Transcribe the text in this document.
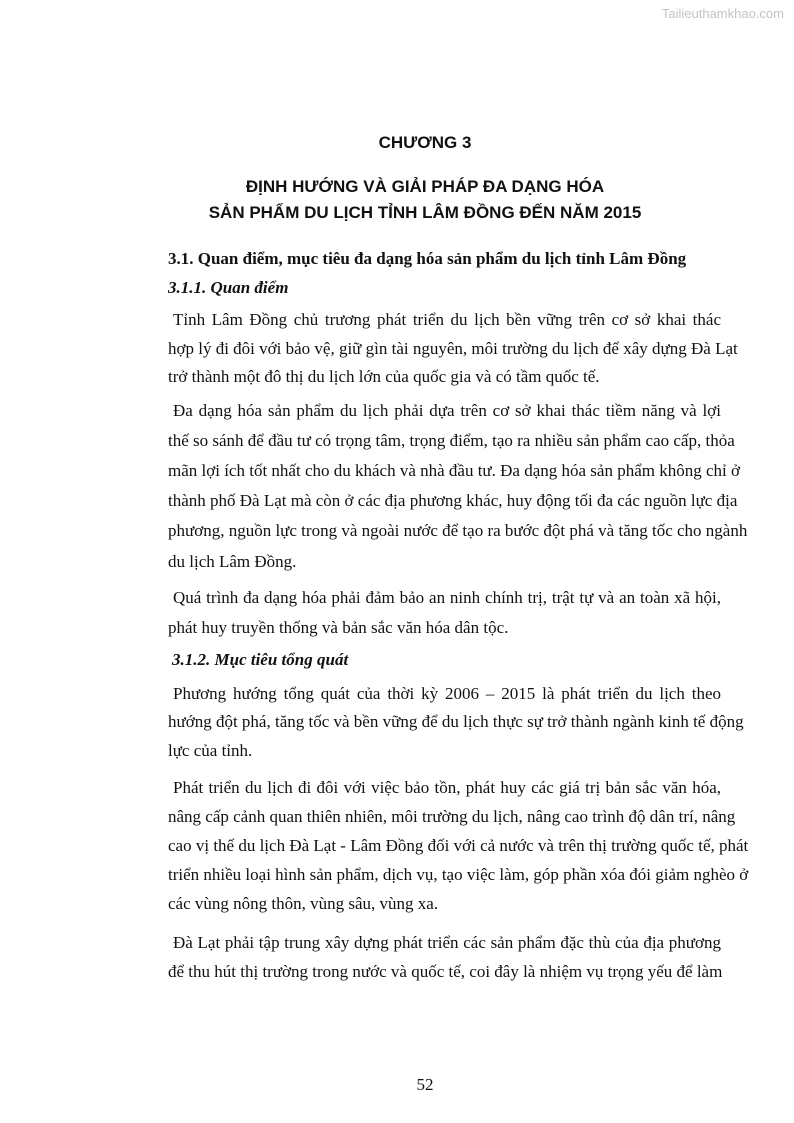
Tailieuthamkhao.com
CHƯƠNG 3
ĐỊNH HƯỚNG VÀ GIẢI PHÁP ĐA DẠNG HÓA
SẢN PHẨM DU LỊCH TỈNH LÂM ĐỒNG ĐẾN NĂM 2015
3.1. Quan điểm, mục tiêu đa dạng hóa sản phẩm du lịch tỉnh Lâm Đồng
3.1.1. Quan điểm
Tỉnh Lâm Đồng chủ trương phát triển du lịch bền vững trên cơ sở khai thác
hợp lý đi đôi với bảo vệ, giữ gìn tài nguyên, môi trường du lịch để xây dựng Đà Lạt
trở thành một đô thị du lịch lớn của quốc gia và có tầm quốc tế.
Đa dạng hóa sản phẩm du lịch phải dựa trên cơ sở khai thác tiềm năng và lợi
thế so sánh để đầu tư có trọng tâm, trọng điểm, tạo ra nhiều sản phẩm cao cấp, thỏa
mãn lợi ích tốt nhất cho du khách và nhà đầu tư. Đa dạng hóa sản phẩm không chỉ ở
thành phố Đà Lạt mà còn ở các địa phương khác, huy động tối đa các nguồn lực địa
phương, nguồn lực trong và ngoài nước để tạo ra bước đột phá và tăng tốc cho ngành
du lịch Lâm Đồng.
Quá trình đa dạng hóa phải đảm bảo an ninh chính trị, trật tự và an toàn xã hội,
phát huy truyền thống và bản sắc văn hóa dân tộc.
3.1.2. Mục tiêu tổng quát
Phương hướng tổng quát của thời kỳ 2006 – 2015 là phát triển du lịch theo
hướng đột phá, tăng tốc và bền vững để du lịch thực sự trở thành ngành kinh tế động
lực của tỉnh.
Phát triển du lịch đi đôi với việc bảo tồn, phát huy các giá trị bản sắc văn hóa,
nâng cấp cảnh quan thiên nhiên, môi trường du lịch, nâng cao trình độ dân trí, nâng
cao vị thế du lịch Đà Lạt - Lâm Đồng đối với cả nước và trên thị trường quốc tế, phát
triển nhiều loại hình sản phẩm, dịch vụ, tạo việc làm, góp phần xóa đói giảm nghèo ở
các vùng nông thôn, vùng sâu, vùng xa.
Đà Lạt phải tập trung xây dựng phát triển các sản phẩm đặc thù của địa phương
để thu hút thị trường trong nước và quốc tế, coi đây là nhiệm vụ trọng yếu để làm
52
